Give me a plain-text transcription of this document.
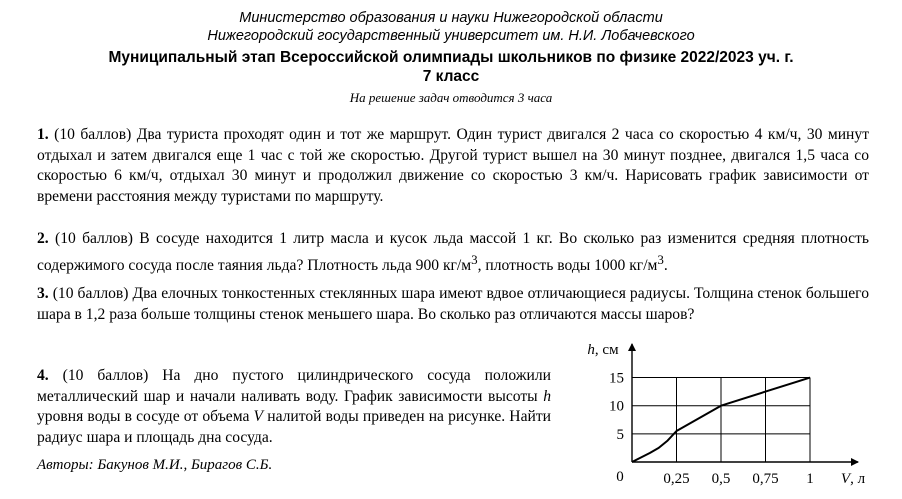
Министерство образования и науки Нижегородской области
Нижегородский государственный университет им. Н.И. Лобачевского
Муниципальный этап Всероссийской олимпиады школьников по физике 2022/2023 уч. г.
7 класс
На решение задач отводится 3 часа
1. (10 баллов) Два туриста проходят один и тот же маршрут. Один турист двигался 2 часа со скоростью 4 км/ч, 30 минут отдыхал и затем двигался еще 1 час с той же скоростью. Другой турист вышел на 30 минут позднее, двигался 1,5 часа со скоростью 6 км/ч, отдыхал 30 минут и продолжил движение со скоростью 3 км/ч. Нарисовать график зависимости от времени расстояния между туристами по маршруту.
2. (10 баллов) В сосуде находится 1 литр масла и кусок льда массой 1 кг. Во сколько раз изменится средняя плотность содержимого сосуда после таяния льда? Плотность льда 900 $кг/м^3$, плотность воды 1000 $кг/м^3$.
3. (10 баллов) Два елочных тонкостенных стеклянных шара имеют вдвое отличающиеся радиусы. Толщина стенок большего шара в 1,2 раза больше толщины стенок меньшего шара. Во сколько раз отличаются массы шаров?
4. (10 баллов) На дно пустого цилиндрического сосуда положили металлический шар и начали наливать воду. График зависимости высоты h уровня воды в сосуде от объема V налитой воды приведен на рисунке. Найти радиус шара и площадь дна сосуда.
Авторы: Бакунов М.И., Бирагов С.Б.
0,25 0,5 0,75 1
5
10
15
0
h, см
V, л
